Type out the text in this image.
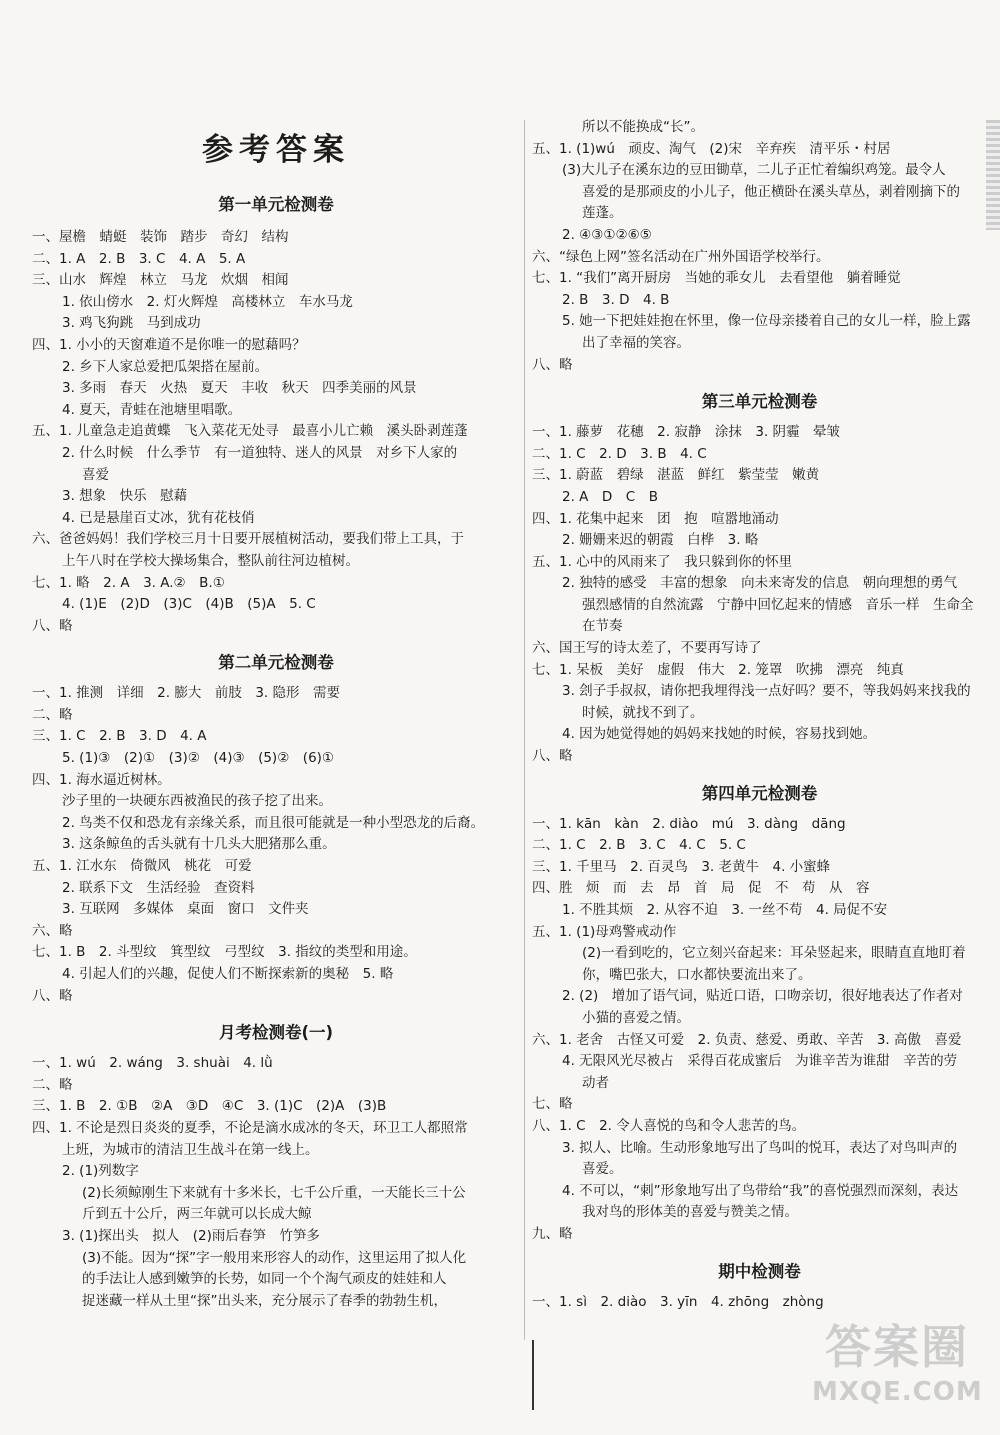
参考答案
第一单元检测卷
一、屋檐　蜻蜓　装饰　踏步　奇幻　结构
二、1. A　2. B　3. C　4. A　5. A
三、山水　辉煌　林立　马龙　炊烟　相闻
1. 依山傍水　2. 灯火辉煌　高楼林立　车水马龙
3. 鸡飞狗跳　马到成功
四、1. 小小的天窗难道不是你唯一的慰藉吗？
2. 乡下人家总爱把瓜架搭在屋前。
3. 多雨　春天　火热　夏天　丰收　秋天　四季美丽的风景
4. 夏天，青蛙在池塘里唱歌。
五、1. 儿童急走追黄蝶　飞入菜花无处寻　最喜小儿亡赖　溪头卧剥莲蓬
2. 什么时候　什么季节　有一道独特、迷人的风景　对乡下人家的
喜爱
3. 想象　快乐　慰藉
4. 已是悬崖百丈冰，犹有花枝俏
六、爸爸妈妈！我们学校三月十日要开展植树活动，要我们带上工具，于
上午八时在学校大操场集合，整队前往河边植树。
七、1. 略　2. A　3. A.②　B.①
4. (1)E　(2)D　(3)C　(4)B　(5)A　5. C
八、略
第二单元检测卷
一、1. 推测　详细　2. 膨大　前肢　3. 隐形　需要
二、略
三、1. C　2. B　3. D　4. A
5. (1)③　(2)①　(3)②　(4)③　(5)②　(6)①
四、1. 海水逼近树林。
沙子里的一块硬东西被渔民的孩子挖了出来。
2. 鸟类不仅和恐龙有亲缘关系，而且很可能就是一种小型恐龙的后裔。
3. 这条鲸鱼的舌头就有十几头大肥猪那么重。
五、1. 江水东　倚微风　桃花　可爱
2. 联系下文　生活经验　查资料
3. 互联网　多媒体　桌面　窗口　文件夹
六、略
七、1. B　2. 斗型纹　箕型纹　弓型纹　3. 指纹的类型和用途。
4. 引起人们的兴趣，促使人们不断探索新的奥秘　5. 略
八、略
月考检测卷(一)
一、1. wú　2. wáng　3. shuài　4. lǜ
二、略
三、1. B　2. ①B　②A　③D　④C　3. (1)C　(2)A　(3)B
四、1. 不论是烈日炎炎的夏季，不论是滴水成冰的冬天，环卫工人都照常
上班，为城市的清洁卫生战斗在第一线上。
2. (1)列数字
(2)长须鲸刚生下来就有十多米长，七千公斤重，一天能长三十公
斤到五十公斤，两三年就可以长成大鲸
3. (1)探出头　拟人　(2)雨后春笋　竹笋多
(3)不能。因为“探”字一般用来形容人的动作，这里运用了拟人化
的手法让人感到嫩笋的长势，如同一个个淘气顽皮的娃娃和人
捉迷藏一样从土里“探”出头来，充分展示了春季的勃勃生机，
所以不能换成“长”。
五、1. (1)wú　顽皮、淘气　(2)宋　辛弃疾　清平乐・村居
(3)大儿子在溪东边的豆田锄草，二儿子正忙着编织鸡笼。最令人
喜爱的是那顽皮的小儿子，他正横卧在溪头草丛，剥着刚摘下的
莲蓬。
2. ④③①②⑥⑤
六、“绿色上网”签名活动在广州外国语学校举行。
七、1. “我们”离开厨房　当她的乖女儿　去看望他　躺着睡觉
2. B　3. D　4. B
5. 她一下把娃娃抱在怀里，像一位母亲搂着自己的女儿一样，脸上露
出了幸福的笑容。
八、略
第三单元检测卷
一、1. 藤萝　花穗　2. 寂静　涂抹　3. 阴霾　晕皱
二、1. C　2. D　3. B　4. C
三、1. 蔚蓝　碧绿　湛蓝　鲜红　紫莹莹　嫩黄
2. A　D　C　B
四、1. 花集中起来　团　抱　喧嚣地涌动
2. 姗姗来迟的朝霞　白桦　3. 略
五、1. 心中的风雨来了　我只躲到你的怀里
2. 独特的感受　丰富的想象　向未来寄发的信息　朝向理想的勇气
强烈感情的自然流露　宁静中回忆起来的情感　音乐一样　生命全
在节奏
六、国王写的诗太差了，不要再写诗了
七、1. 呆板　美好　虚假　伟大　2. 笼罩　吹拂　漂亮　纯真
3. 刽子手叔叔，请你把我埋得浅一点好吗？要不，等我妈妈来找我的
时候，就找不到了。
4. 因为她觉得她的妈妈来找她的时候，容易找到她。
八、略
第四单元检测卷
一、1. kān　kàn　2. diào　mú　3. dàng　dāng
二、1. C　2. B　3. C　4. C　5. C
三、1. 千里马　2. 百灵鸟　3. 老黄牛　4. 小蜜蜂
四、胜　烦　而　去　昂　首　局　促　不　苟　从　容
1. 不胜其烦　2. 从容不迫　3. 一丝不苟　4. 局促不安
五、1. (1)母鸡警戒动作
(2)一看到吃的，它立刻兴奋起来：耳朵竖起来，眼睛直直地盯着
你，嘴巴张大，口水都快要流出来了。
2. (2)　增加了语气词，贴近口语，口吻亲切，很好地表达了作者对
小猫的喜爱之情。
六、1. 老舍　古怪又可爱　2. 负责、慈爱、勇敢、辛苦　3. 高傲　喜爱
4. 无限风光尽被占　采得百花成蜜后　为谁辛苦为谁甜　辛苦的劳
动者
七、略
八、1. C　2. 令人喜悦的鸟和令人悲苦的鸟。
3. 拟人、比喻。生动形象地写出了鸟叫的悦耳，表达了对鸟叫声的
喜爱。
4. 不可以，“刺”形象地写出了鸟带给“我”的喜悦强烈而深刻，表达
我对鸟的形体美的喜爱与赞美之情。
九、略
期中检测卷
一、1. sì　2. diào　3. yīn　4. zhōng　zhòng
答案圈
MXQE.COM
